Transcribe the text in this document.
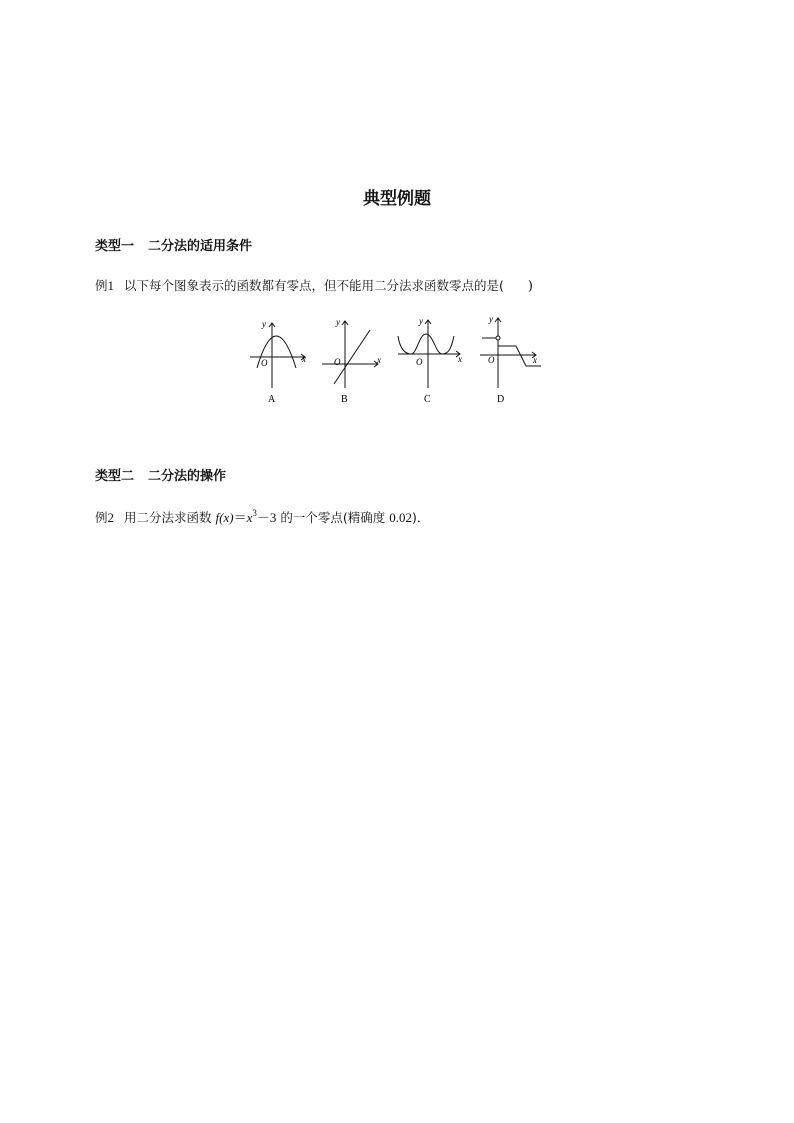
典型例题
类型一 二分法的适用条件
例1 以下每个图象表示的函数都有零点，但不能用二分法求函数零点的是( )
y
x
O
A
y
x
O
B
y
x
O
C
y
x
O
D
类型二 二分法的操作
例2 用二分法求函数 $f(x)=x^3-3$ 的一个零点(精确度 0.02)．
